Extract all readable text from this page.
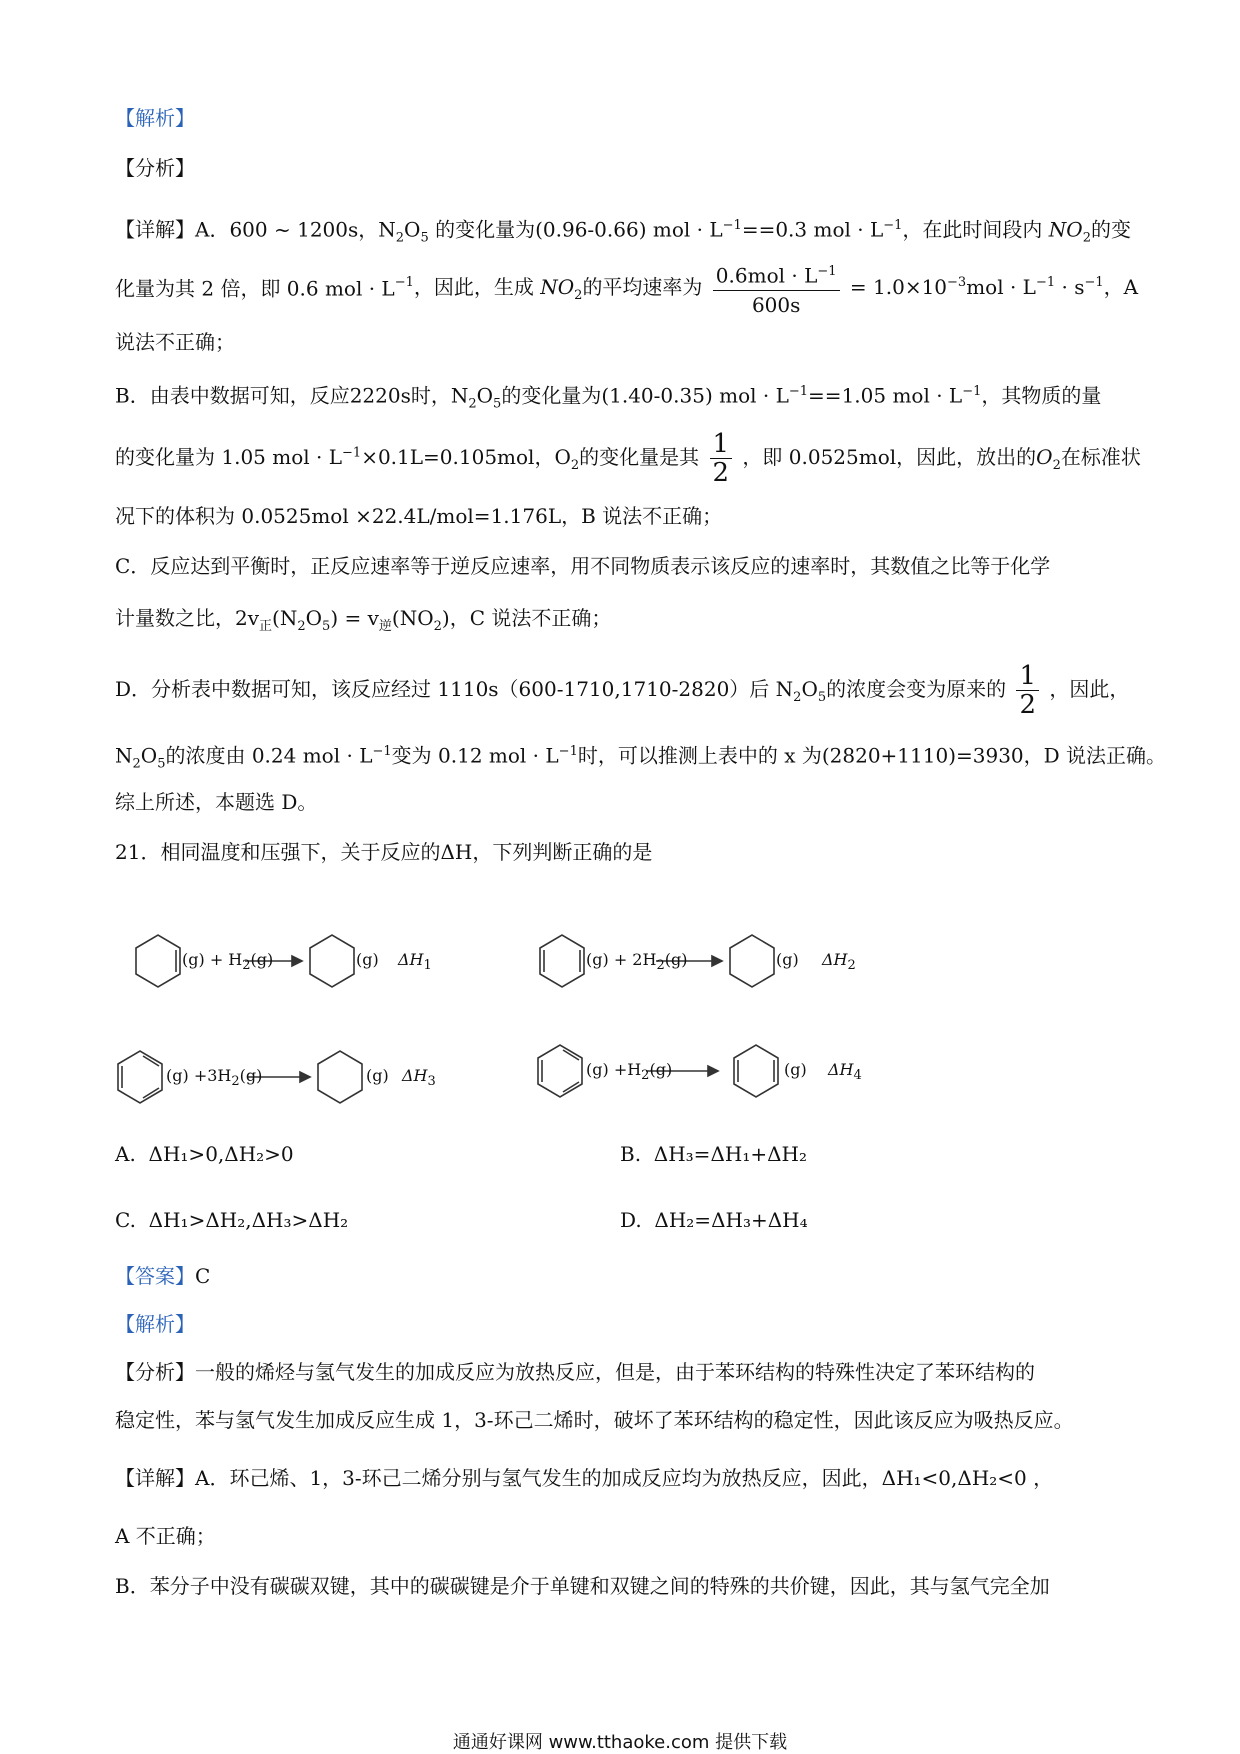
【解析】
【分析】
【详解】A．600 ~ 1200s，$N_2O_5$ 的变化量为(0.96-0.66) mol · $L^{-1}==0.3$ mol · $L^{-1}$，在此时间段内 $NO_2$的变
化量为其 2 倍，即 0.6 mol · $L^{-1}$，因此，生成 $NO_2$的平均速率为 $\frac{0.6mol \cdot L^{-1}}{600s} = 1.0\times 10^{-3}mol \cdot L^{-1} \cdot s^{-1}$，A
说法不正确；
B．由表中数据可知，反应2220s时，$N_2O_5$的变化量为(1.40-0.35) mol · $L^{-1}==1.05$ mol · $L^{-1}$，其物质的量
的变化量为 1.05 mol · $L^{-1}\times 0.1L=0.105mol$，$O_2$的变化量是其 $\frac{1}{2}$ ，即 0.0525mol，因此，放出的$O_2$在标准状
况下的体积为 0.0525mol ×22.4L/mol=1.176L，B 说法不正确；
C．反应达到平衡时，正反应速率等于逆反应速率，用不同物质表示该反应的速率时，其数值之比等于化学
计量数之比，$2v_正(N_2O_5) = v_逆(NO_2)$，C 说法不正确；
D．分析表中数据可知，该反应经过 1110s（600-1710,1710-2820）后 $N_2O_5$的浓度会变为原来的 $\frac{1}{2}$ ，因此，
$N_2O_5$的浓度由 0.24 mol · $L^{-1}$变为 0.12 mol · $L^{-1}$时，可以推测上表中的 x 为(2820+1110)=3930，D 说法正确。
综上所述，本题选 D。
21．相同温度和压强下，关于反应的ΔH，下列判断正确的是
$(g) + H_2(g)$	(g) $\Delta H_1$	$(g) + 2H_2(g)$	(g) $\Delta H_2$
$(g) +3H_2(g)$	(g) $\Delta H_3$
$(g) +H_2(g)$	(g) $\Delta H_4$
A. ΔH₁>0,ΔH₂>0	B. ΔH₃=ΔH₁+ΔH₂
C. ΔH₁>ΔH₂,ΔH₃>ΔH₂	D. ΔH₂=ΔH₃+ΔH₄
【答案】C
【解析】
【分析】一般的烯烃与氢气发生的加成反应为放热反应，但是，由于苯环结构的特殊性决定了苯环结构的
稳定性，苯与氢气发生加成反应生成 1，3-环己二烯时，破坏了苯环结构的稳定性，因此该反应为吸热反应。
【详解】A．环己烯、1，3-环己二烯分别与氢气发生的加成反应均为放热反应，因此，ΔH₁<0,ΔH₂<0 ，
A 不正确；
B．苯分子中没有碳碳双键，其中的碳碳键是介于单键和双键之间的特殊的共价键，因此，其与氢气完全加
通通好课网 www.tthaoke.com 提供下载
